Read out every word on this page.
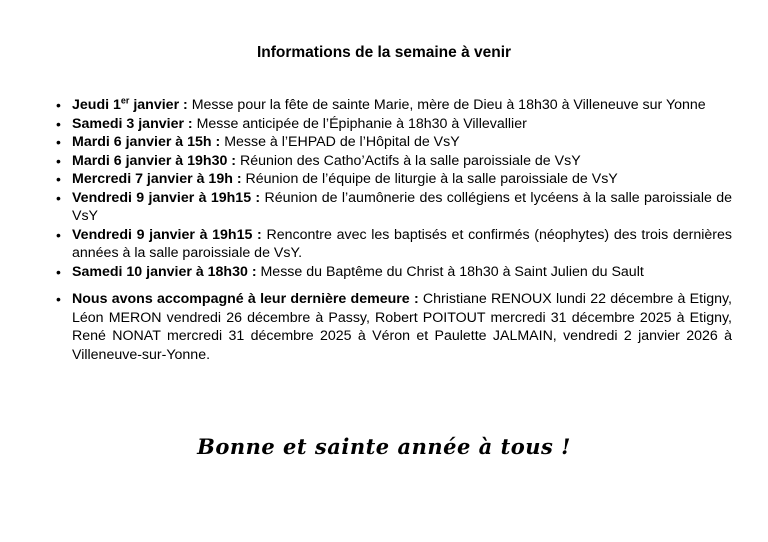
Informations de la semaine à venir
• Jeudi 1er janvier : Messe pour la fête de sainte Marie, mère de Dieu à 18h30 à Villeneuve sur Yonne
• Samedi 3 janvier : Messe anticipée de l’Épiphanie à 18h30 à Villevallier
• Mardi 6 janvier à 15h : Messe à l’EHPAD de l’Hôpital de VsY
• Mardi 6 janvier à 19h30 : Réunion des Catho’Actifs à la salle paroissiale de VsY
• Mercredi 7 janvier à 19h : Réunion de l’équipe de liturgie à la salle paroissiale de VsY
• Vendredi 9 janvier à 19h15 : Réunion de l’aumônerie des collégiens et lycéens à la salle paroissiale de VsY
• Vendredi 9 janvier à 19h15 : Rencontre avec les baptisés et confirmés (néophytes) des trois dernières années à la salle paroissiale de VsY.
• Samedi 10 janvier à 18h30 : Messe du Baptême du Christ à 18h30 à Saint Julien du Sault
• Nous avons accompagné à leur dernière demeure : Christiane RENOUX lundi 22 décembre à Etigny, Léon MERON vendredi 26 décembre à Passy, Robert POITOUT mercredi 31 décembre 2025 à Etigny, René NONAT mercredi 31 décembre 2025 à Véron et Paulette JALMAIN, vendredi 2 janvier 2026 à Villeneuve-sur-Yonne.

Bonne et sainte année à tous !
